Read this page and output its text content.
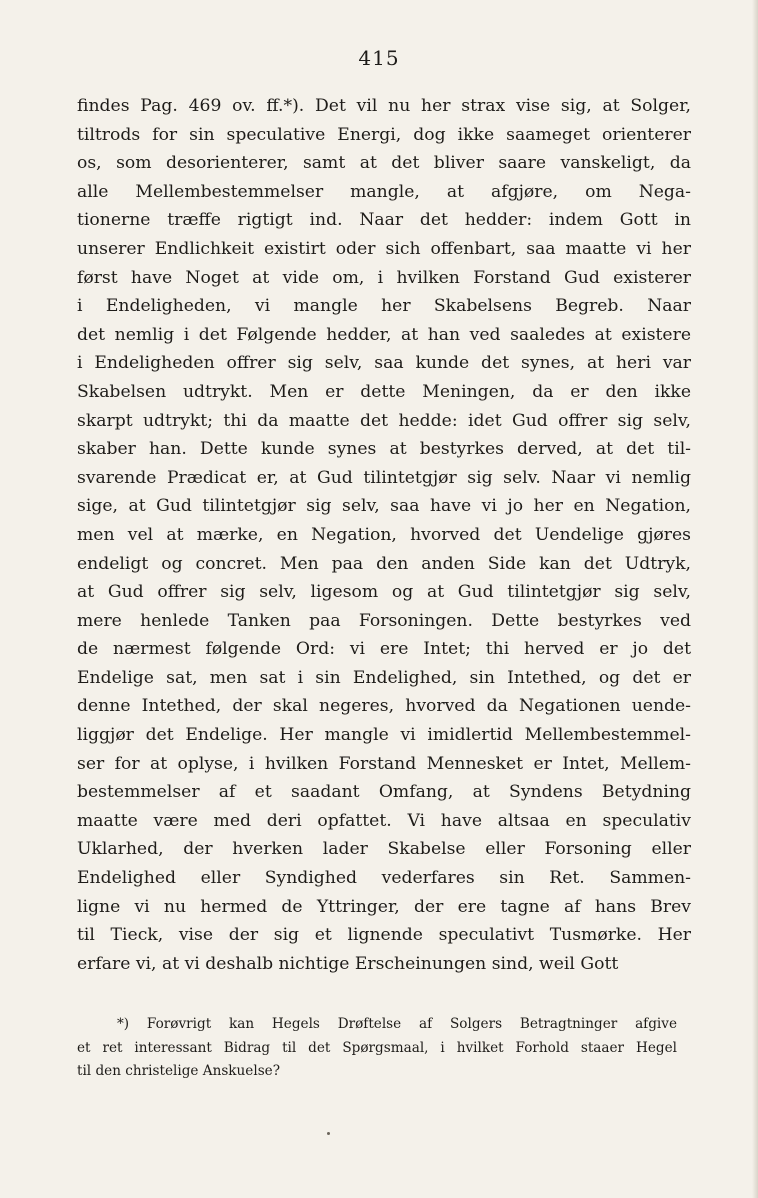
415
findes Pag. 469 ov. ff.*). Det vil nu her strax vise sig, at Solger,
tiltrods for sin speculative Energi, dog ikke saameget orienterer
os, som desorienterer, samt at det bliver saare vanskeligt, da
alle Mellembestemmelser mangle, at afgjøre, om Nega-
tionerne træffe rigtigt ind. Naar det hedder: indem Gott in
unserer Endlichkeit existirt oder sich offenbart, saa maatte vi her
først have Noget at vide om, i hvilken Forstand Gud existerer
i Endeligheden, vi mangle her Skabelsens Begreb. Naar
det nemlig i det Følgende hedder, at han ved saaledes at existere
i Endeligheden offrer sig selv, saa kunde det synes, at heri var
Skabelsen udtrykt. Men er dette Meningen, da er den ikke
skarpt udtrykt; thi da maatte det hedde: idet Gud offrer sig selv,
skaber han. Dette kunde synes at bestyrkes derved, at det til-
svarende Prædicat er, at Gud tilintetgjør sig selv. Naar vi nemlig
sige, at Gud tilintetgjør sig selv, saa have vi jo her en Negation,
men vel at mærke, en Negation, hvorved det Uendelige gjøres
endeligt og concret. Men paa den anden Side kan det Udtryk,
at Gud offrer sig selv, ligesom og at Gud tilintetgjør sig selv,
mere henlede Tanken paa Forsoningen. Dette bestyrkes ved
de nærmest følgende Ord: vi ere Intet; thi herved er jo det
Endelige sat, men sat i sin Endelighed, sin Intethed, og det er
denne Intethed, der skal negeres, hvorved da Negationen uende-
liggjør det Endelige. Her mangle vi imidlertid Mellembestemmel-
ser for at oplyse, i hvilken Forstand Mennesket er Intet, Mellem-
bestemmelser af et saadant Omfang, at Syndens Betydning
maatte være med deri opfattet. Vi have altsaa en speculativ
Uklarhed, der hverken lader Skabelse eller Forsoning eller
Endelighed eller Syndighed vederfares sin Ret. Sammen-
ligne vi nu hermed de Yttringer, der ere tagne af hans Brev
til Tieck, vise der sig et lignende speculativt Tusmørke. Her
erfare vi, at vi deshalb nichtige Erscheinungen sind, weil Gott
*) Forøvrigt kan Hegels Drøftelse af Solgers Betragtninger afgive
et ret interessant Bidrag til det Spørgsmaal, i hvilket Forhold staaer Hegel
til den christelige Anskuelse?
